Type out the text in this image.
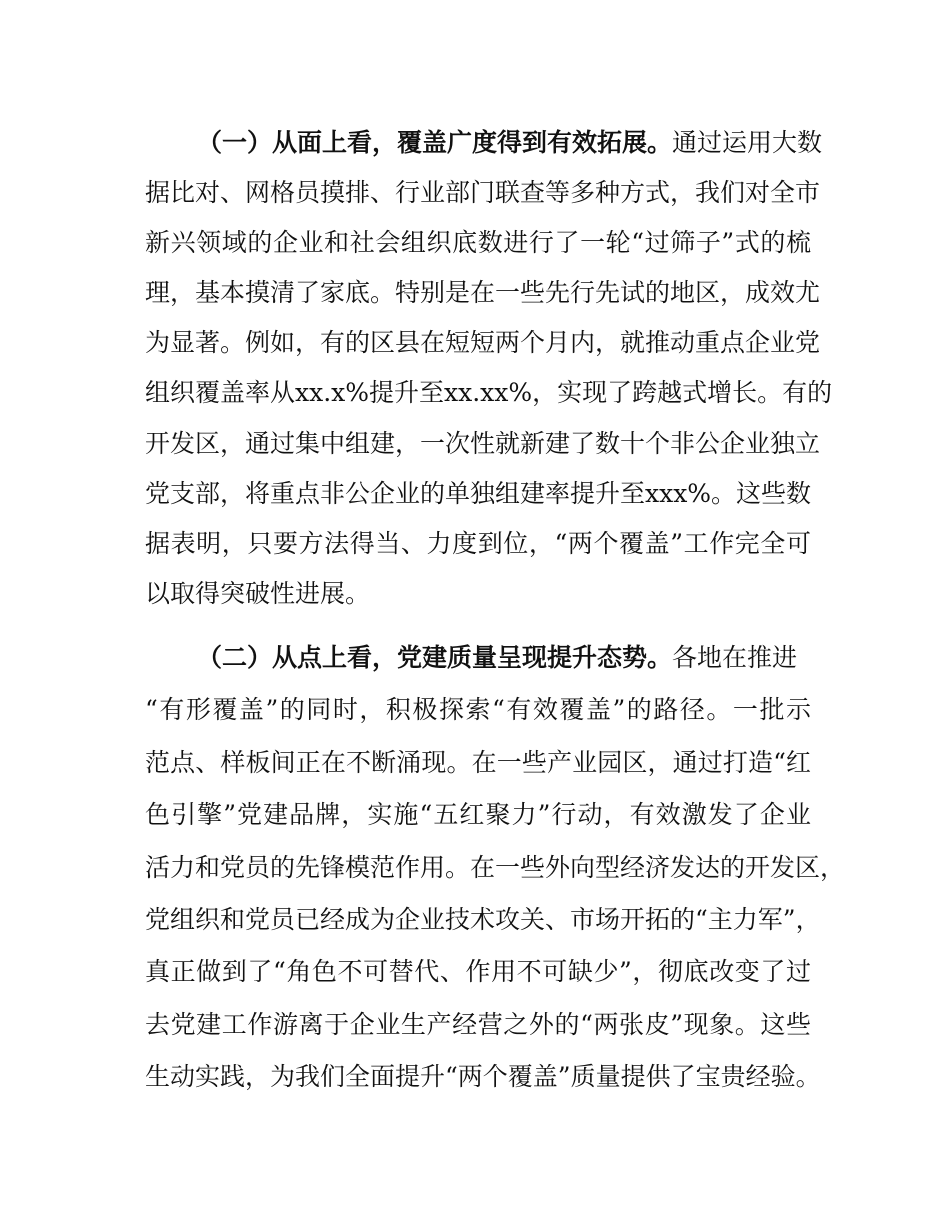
（一）从面上看，覆盖广度得到有效拓展。通过运用大数
据比对、网格员摸排、行业部门联查等多种方式，我们对全市
新兴领域的企业和社会组织底数进行了一轮“过筛子”式的梳
理，基本摸清了家底。特别是在一些先行先试的地区，成效尤
为显著。例如，有的区县在短短两个月内，就推动重点企业党
组织覆盖率从xx.x%提升至xx.xx%，实现了跨越式增长。有的
开发区，通过集中组建，一次性就新建了数十个非公企业独立
党支部，将重点非公企业的单独组建率提升至xxx%。这些数
据表明，只要方法得当、力度到位，“两个覆盖”工作完全可
以取得突破性进展。
（二）从点上看，党建质量呈现提升态势。各地在推进
“有形覆盖”的同时，积极探索“有效覆盖”的路径。一批示
范点、样板间正在不断涌现。在一些产业园区，通过打造“红
色引擎”党建品牌，实施“五红聚力”行动，有效激发了企业
活力和党员的先锋模范作用。在一些外向型经济发达的开发区，
党组织和党员已经成为企业技术攻关、市场开拓的“主力军”，
真正做到了“角色不可替代、作用不可缺少”，彻底改变了过
去党建工作游离于企业生产经营之外的“两张皮”现象。这些
生动实践，为我们全面提升“两个覆盖”质量提供了宝贵经验。
